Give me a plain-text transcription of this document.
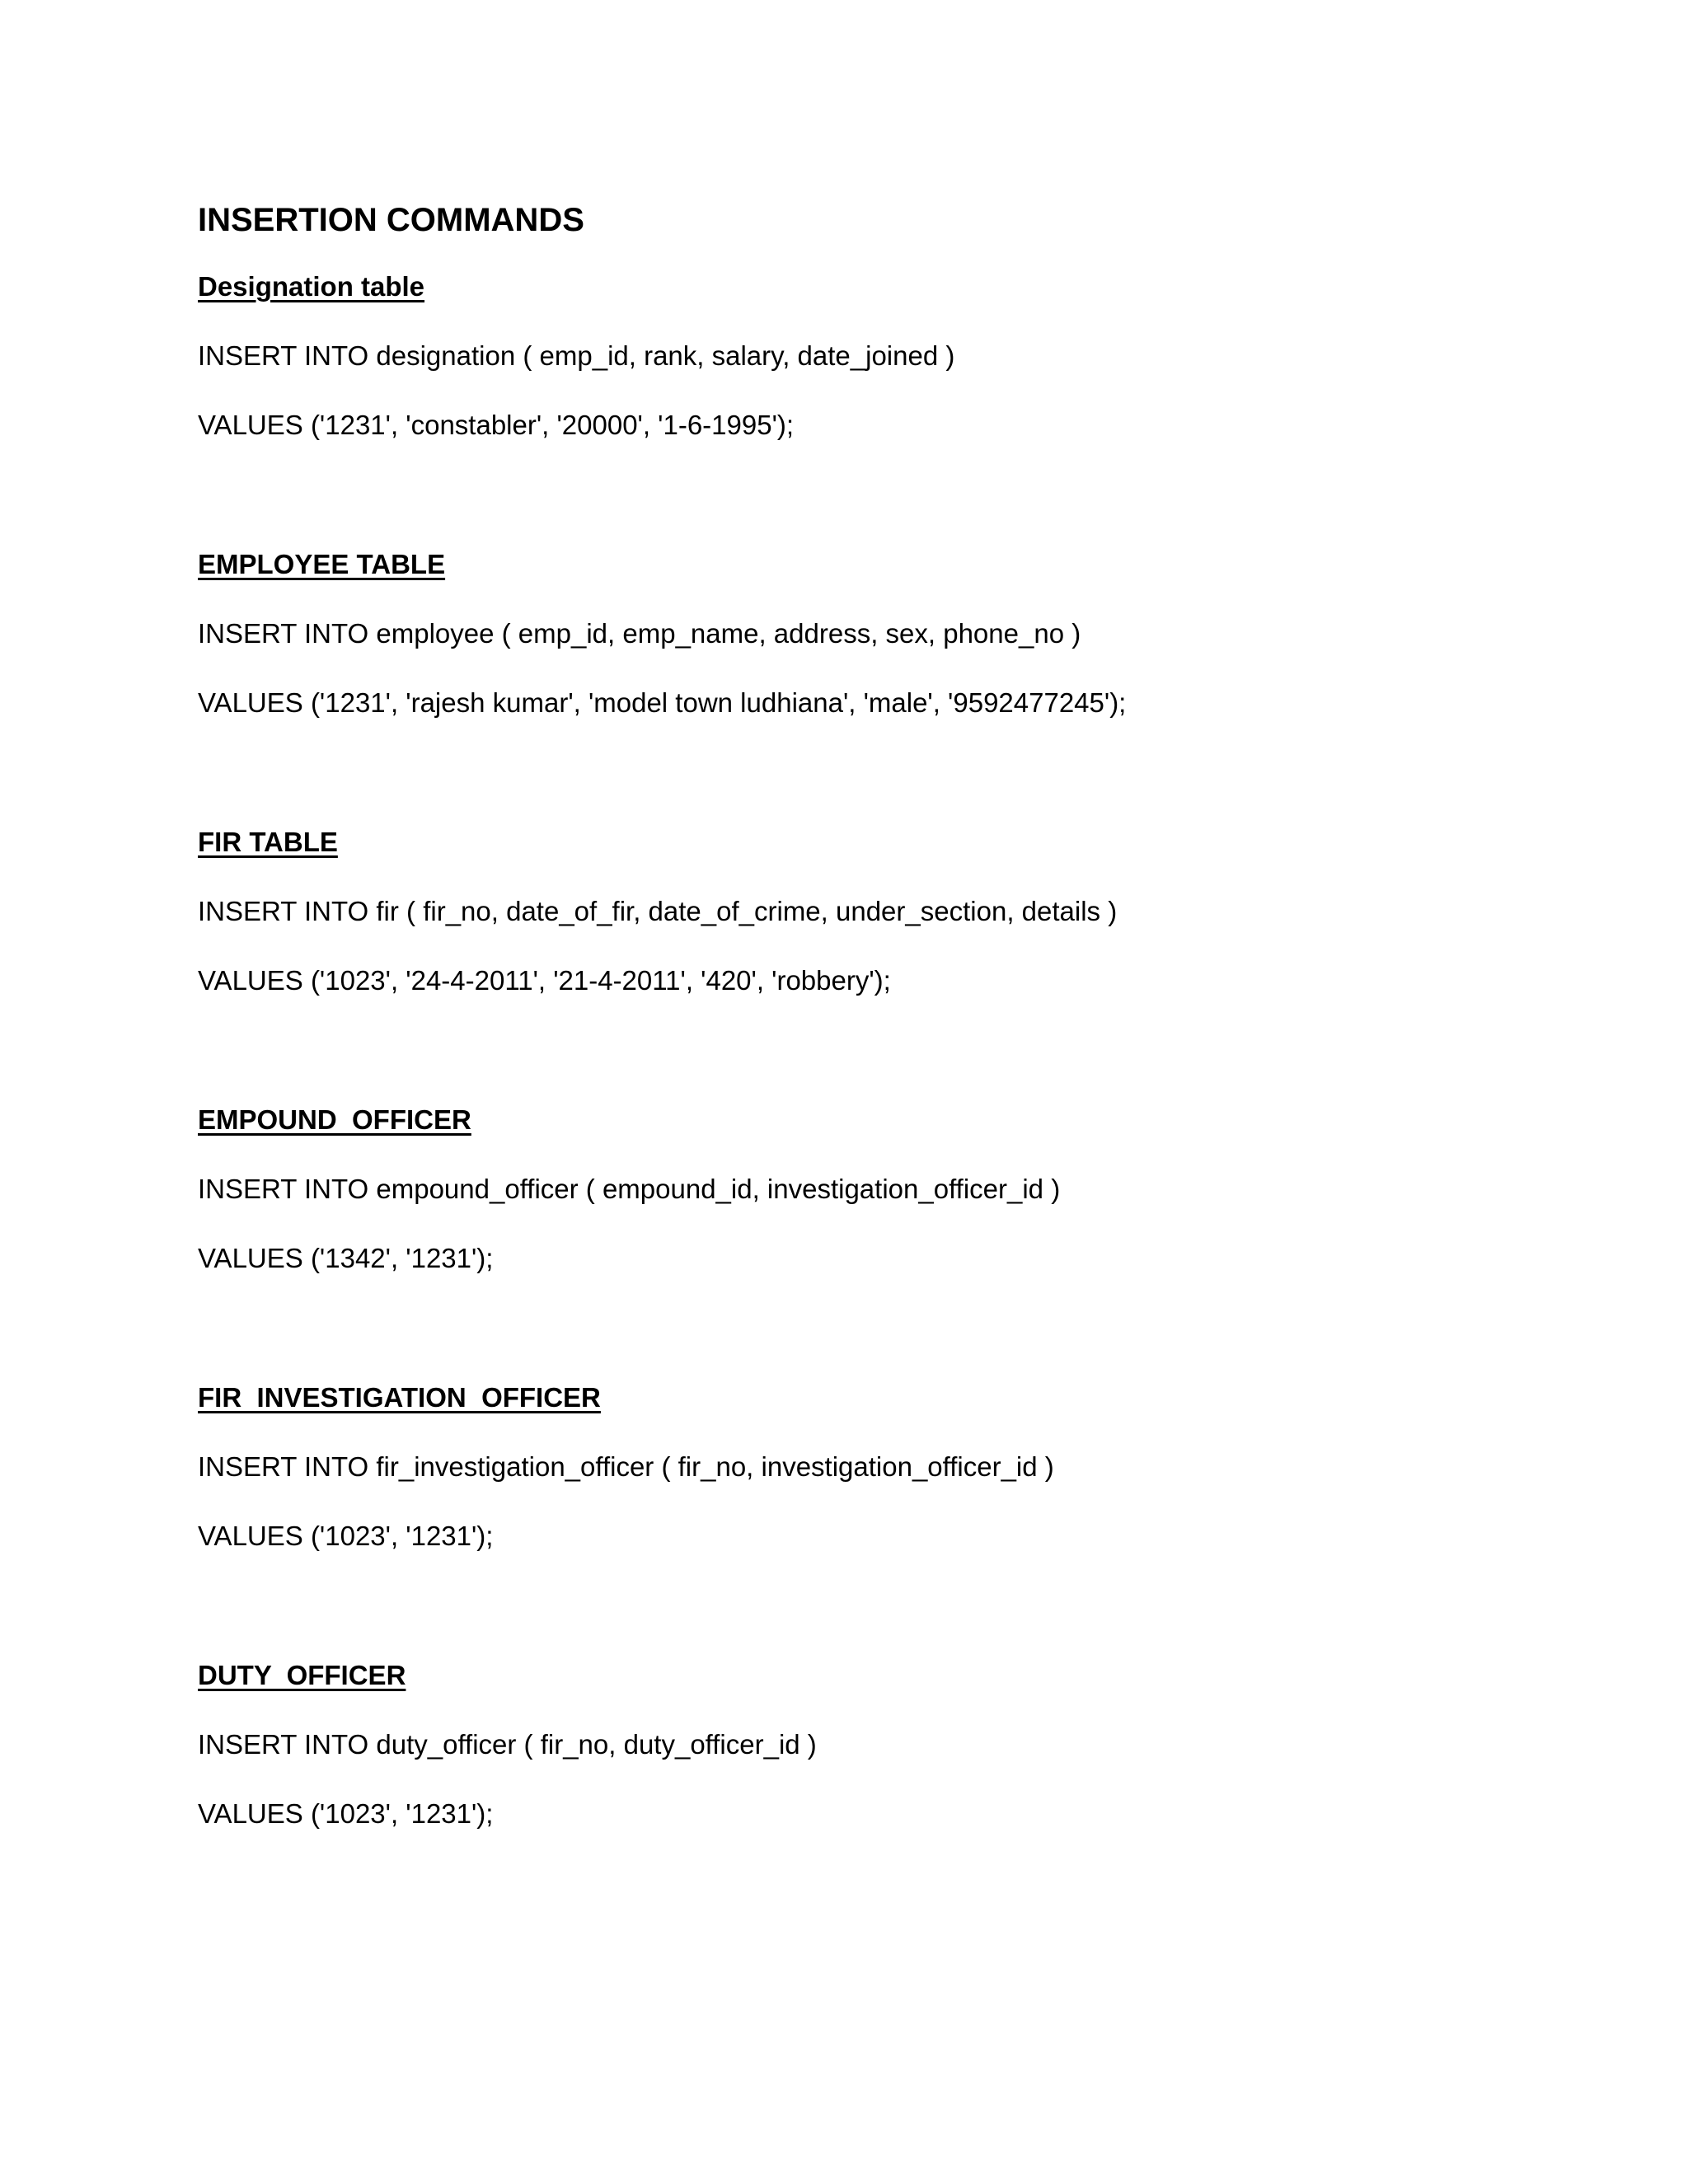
INSERTION COMMANDS
Designation table
INSERT INTO designation ( emp_id, rank, salary, date_joined )
VALUES ('1231', 'constabler', '20000', '1-6-1995');
EMPLOYEE TABLE
INSERT INTO employee ( emp_id, emp_name, address, sex, phone_no )
VALUES ('1231', 'rajesh kumar', 'model town ludhiana', 'male', '9592477245');
FIR TABLE
INSERT INTO fir ( fir_no, date_of_fir, date_of_crime, under_section, details )
VALUES ('1023', '24-4-2011', '21-4-2011', '420', 'robbery');
EMPOUND  OFFICER
INSERT INTO empound_officer ( empound_id, investigation_officer_id )
VALUES ('1342', '1231');
FIR  INVESTIGATION  OFFICER
INSERT INTO fir_investigation_officer ( fir_no, investigation_officer_id )
VALUES ('1023', '1231');
DUTY  OFFICER
INSERT INTO duty_officer ( fir_no, duty_officer_id )
VALUES ('1023', '1231');
